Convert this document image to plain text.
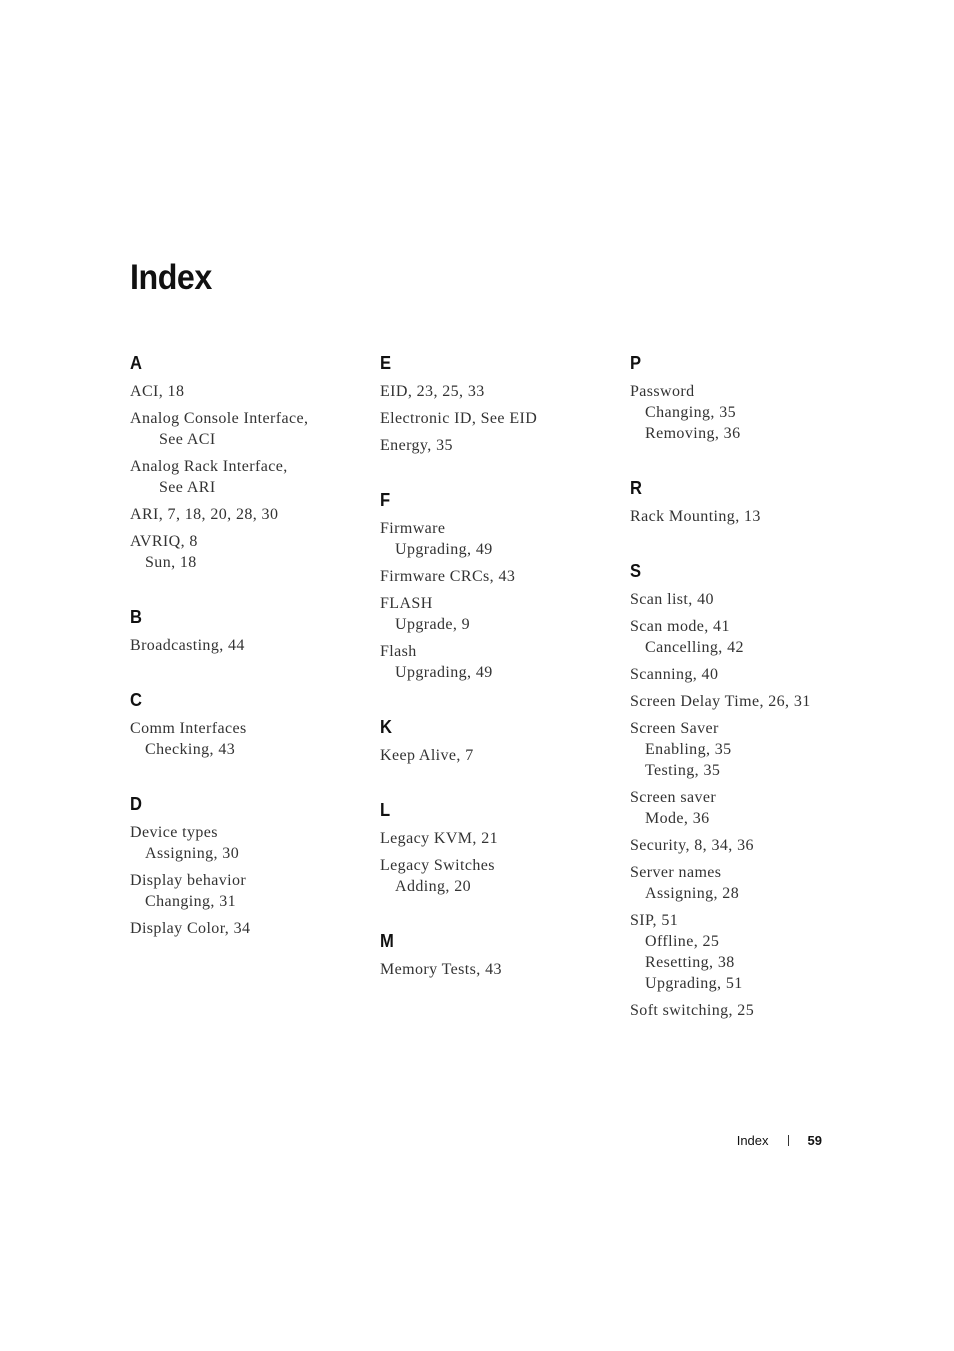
Index
A
ACI, 18
Analog Console Interface,
See ACI
Analog Rack Interface,
See ARI
ARI, 7, 18, 20, 28, 30
AVRIQ, 8
Sun, 18
B
Broadcasting, 44
C
Comm Interfaces
Checking, 43
D
Device types
Assigning, 30
Display behavior
Changing, 31
Display Color, 34
E
EID, 23, 25, 33
Electronic ID, See EID
Energy, 35
F
Firmware
Upgrading, 49
Firmware CRCs, 43
FLASH
Upgrade, 9
Flash
Upgrading, 49
K
Keep Alive, 7
L
Legacy KVM, 21
Legacy Switches
Adding, 20
M
Memory Tests, 43
P
Password
Changing, 35
Removing, 36
R
Rack Mounting, 13
S
Scan list, 40
Scan mode, 41
Cancelling, 42
Scanning, 40
Screen Delay Time, 26, 31
Screen Saver
Enabling, 35
Testing, 35
Screen saver
Mode, 36
Security, 8, 34, 36
Server names
Assigning, 28
SIP, 51
Offline, 25
Resetting, 38
Upgrading, 51
Soft switching, 25
Index	59
